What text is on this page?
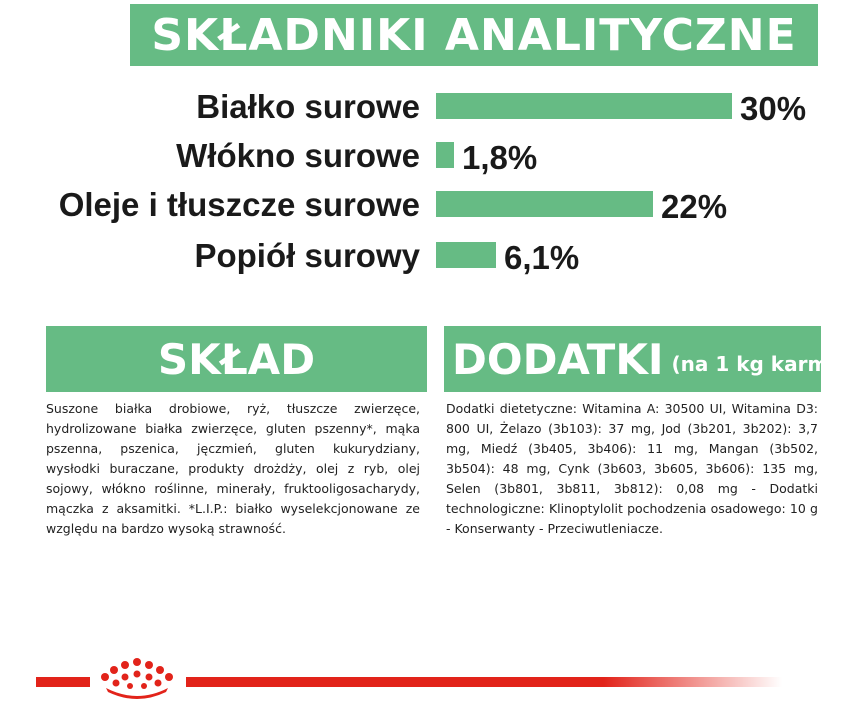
SKŁADNIKI ANALITYCZNE
Białko surowe	30%
Włókno surowe 1,8%
Oleje i tłuszcze surowe	22%
Popiół surowy	6,1%
SKŁAD
Suszone białka drobiowe, ryż, tłuszcze zwierzęce, hydrolizowane białka zwierzęce, gluten pszenny*, mąka pszenna, pszenica, jęczmień, gluten kukurydziany, wysłodki buraczane, produkty drożdży, olej z ryb, olej sojowy, włókno roślinne, minerały, fruktooligosacharydy, mączka z aksamitki. *L.I.P.: białko wyselekcjonowane ze względu na bardzo wysoką strawność.
DODATKI (na 1 kg karmy)
Dodatki dietetyczne: Witamina A: 30500 UI, Witamina D3: 800 UI, Żelazo (3b103): 37 mg, Jod (3b201, 3b202): 3,7 mg, Miedź (3b405, 3b406): 11 mg, Mangan (3b502, 3b504): 48 mg, Cynk (3b603, 3b605, 3b606): 135 mg, Selen (3b801, 3b811, 3b812): 0,08 mg - Dodatki technologiczne: Klinoptylolit pochodzenia osadowego: 10 g - Konserwanty - Przeciwutleniacze.
